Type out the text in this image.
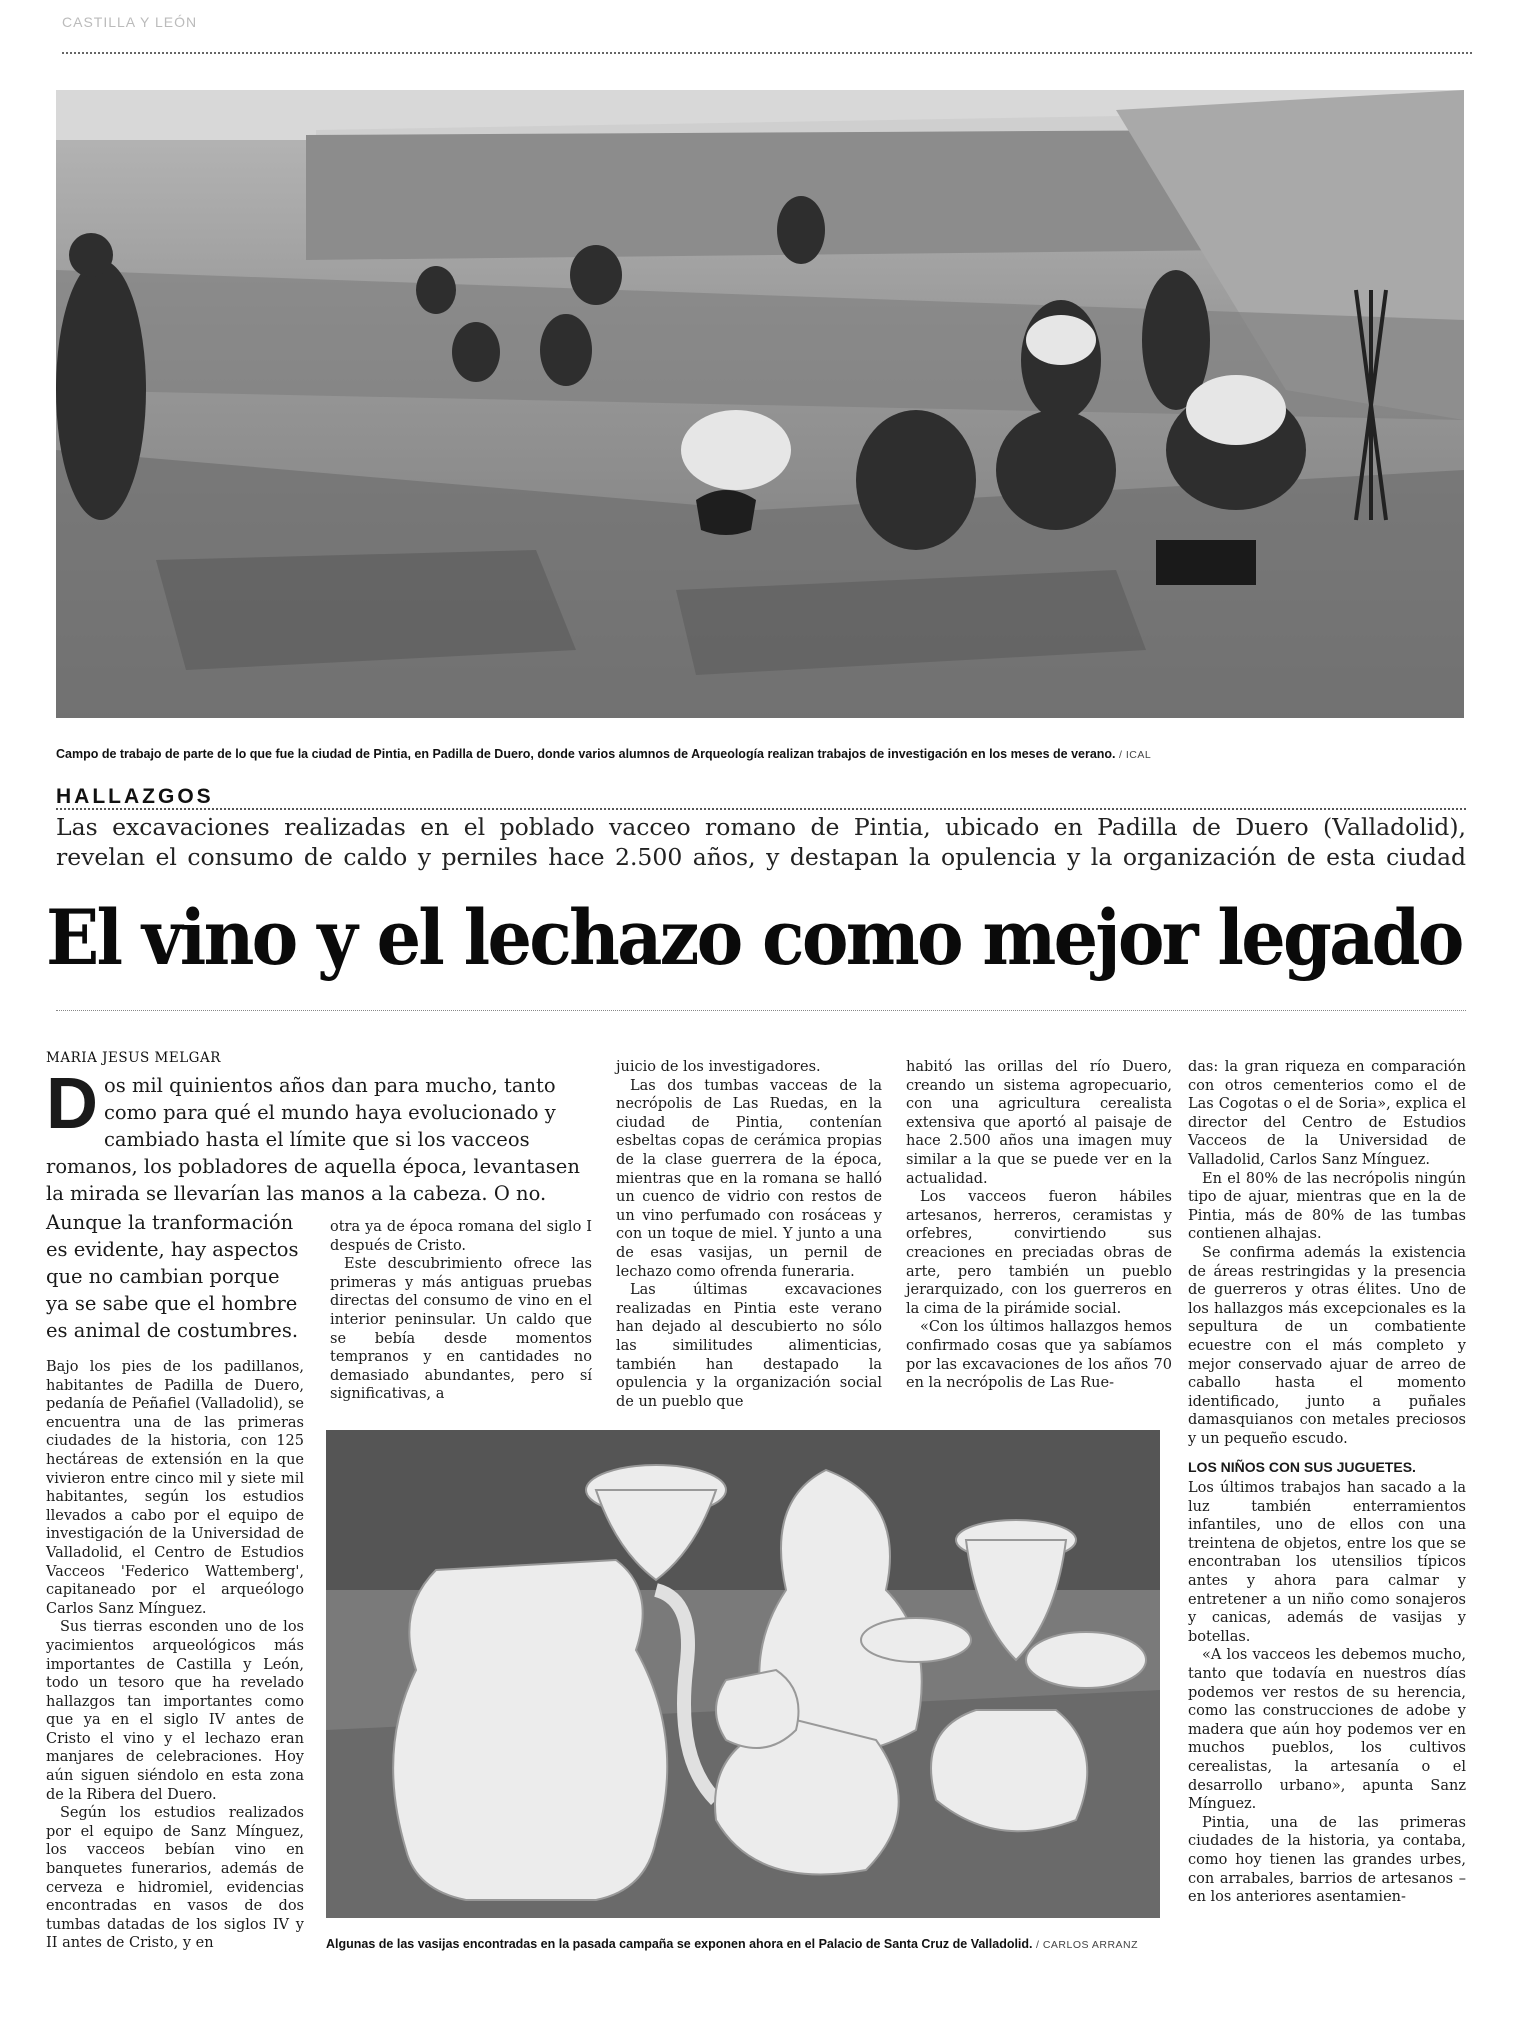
CASTILLA Y LEÓN
Campo de trabajo de parte de lo que fue la ciudad de Pintia, en Padilla de Duero, donde varios alumnos de Arqueología realizan trabajos de investigación en los meses de verano. / ICAL
HALLAZGOS
Las excavaciones realizadas en el poblado vacceo romano de Pintia, ubicado en Padilla de Duero (Valladolid),
revelan el consumo de caldo y perniles hace 2.500 años, y destapan la opulencia y la organización de esta ciudad
El vino y el lechazo como mejor legado
MARIA JESUS MELGAR
D os mil quinientos años dan para mucho, tanto como para qué el mundo haya evolucionado y cambiado hasta el límite que si los vacceos romanos, los pobladores de aquella época, levantasen la mirada se llevarían las manos a la cabeza. O no.
Aunque la tranformación es evidente, hay aspectos que no cambian porque ya se sabe que el hombre es animal de costumbres.

Bajo los pies de los padillanos, habitantes de Padilla de Duero, pedanía de Peñafiel (Valladolid), se encuentra una de las primeras ciudades de la historia, con 125 hectáreas de extensión en la que vivieron entre cinco mil y siete mil habitantes, según los estudios llevados a cabo por el equipo de investigación de la Universidad de Valladolid, el Centro de Estudios Vacceos 'Federico Wattemberg', capitaneado por el arqueólogo Carlos Sanz Mínguez.

Sus tierras esconden uno de los yacimientos arqueológicos más importantes de Castilla y León, todo un tesoro que ha revelado hallazgos tan importantes como que ya en el siglo IV antes de Cristo el vino y el lechazo eran manjares de celebraciones. Hoy aún siguen siéndolo en esta zona de la Ribera del Duero.

Según los estudios realizados por el equipo de Sanz Mínguez, los vacceos bebían vino en banquetes funerarios, además de cerveza e hidromiel, evidencias encontradas en vasos de dos tumbas datadas de los siglos IV y II antes de Cristo, y en

otra ya de época romana del siglo I después de Cristo.

Este descubrimiento ofrece las primeras y más antiguas pruebas directas del consumo de vino en el interior peninsular. Un caldo que se bebía desde momentos tempranos y en cantidades no demasiado abundantes, pero sí significativas, a

juicio de los investigadores.

Las dos tumbas vacceas de la necrópolis de Las Ruedas, en la ciudad de Pintia, contenían esbeltas copas de cerámica propias de la clase guerrera de la época, mientras que en la romana se halló un cuenco de vidrio con restos de un vino perfumado con rosáceas y con un toque de miel. Y junto a una de esas vasijas, un pernil de lechazo como ofrenda funeraria.

Las últimas excavaciones realizadas en Pintia este verano han dejado al descubierto no sólo las similitudes alimenticias, también han destapado la opulencia y la organización social de un pueblo que

habitó las orillas del río Duero, creando un sistema agropecuario, con una agricultura cerealista extensiva que aportó al paisaje de hace 2.500 años una imagen muy similar a la que se puede ver en la actualidad.

Los vacceos fueron hábiles artesanos, herreros, ceramistas y orfebres, convirtiendo sus creaciones en preciadas obras de arte, pero también un pueblo jerarquizado, con los guerreros en la cima de la pirámide social.

«Con los últimos hallazgos hemos confirmado cosas que ya sabíamos por las excavaciones de los años 70 en la necrópolis de Las Rue-

das: la gran riqueza en comparación con otros cementerios como el de Las Cogotas o el de Soria», explica el director del Centro de Estudios Vacceos de la Universidad de Valladolid, Carlos Sanz Mínguez.

En el 80% de las necrópolis ningún tipo de ajuar, mientras que en la de Pintia, más de 80% de las tumbas contienen alhajas.

Se confirma además la existencia de áreas restringidas y la presencia de guerreros y otras élites. Uno de los hallazgos más excepcionales es la sepultura de un combatiente ecuestre con el más completo y mejor conservado ajuar de arreo de caballo hasta el momento identificado, junto a puñales damasquianos con metales preciosos y un pequeño escudo.

LOS NIÑOS CON SUS JUGUETES.

Los últimos trabajos han sacado a la luz también enterramientos infantiles, uno de ellos con una treintena de objetos, entre los que se encontraban los utensilios típicos antes y ahora para calmar y entretener a un niño como sonajeros y canicas, además de vasijas y botellas.

«A los vacceos les debemos mucho, tanto que todavía en nuestros días podemos ver restos de su herencia, como las construcciones de adobe y madera que aún hoy podemos ver en muchos pueblos, los cultivos cerealistas, la artesanía o el desarrollo urbano», apunta Sanz Mínguez.

Pintia, una de las primeras ciudades de la historia, ya contaba, como hoy tienen las grandes urbes, con arrabales, barrios de artesanos –en los anteriores asentamien-

Algunas de las vasijas encontradas en la pasada campaña se exponen ahora en el Palacio de Santa Cruz de Valladolid. / CARLOS ARRANZ
